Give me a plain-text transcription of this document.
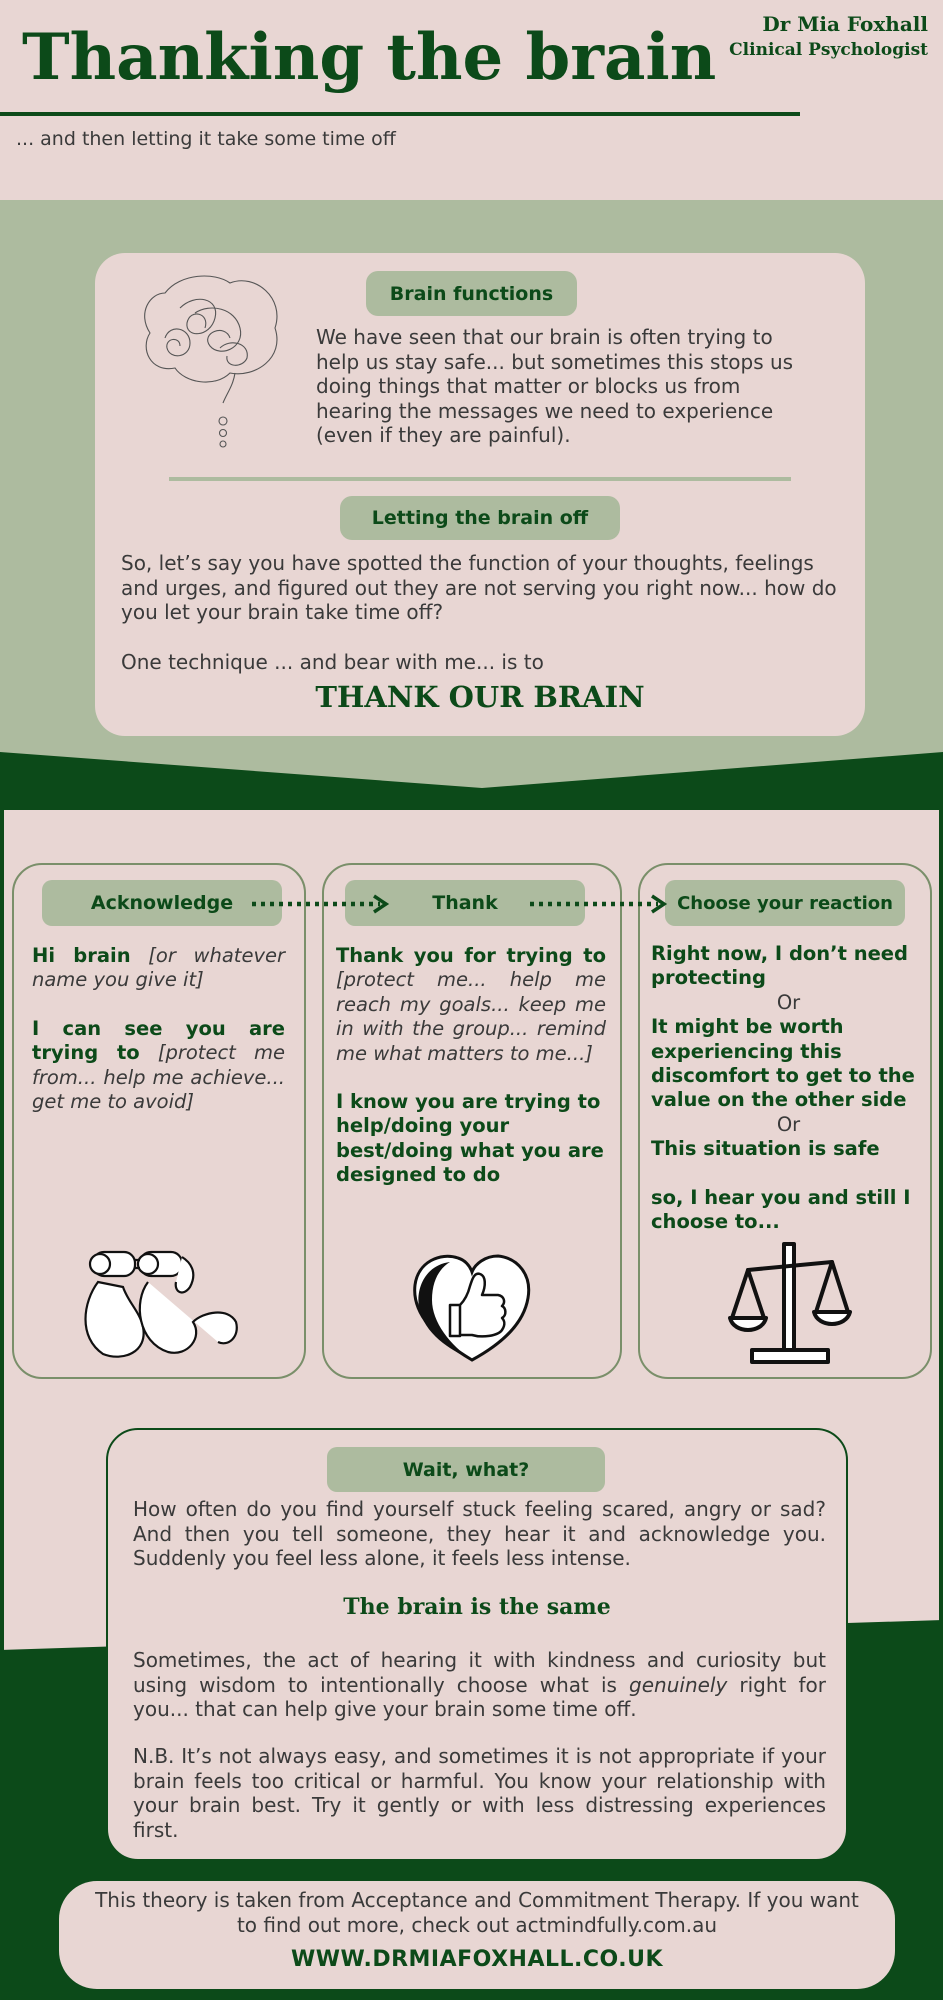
Thanking the brain
... and then letting it take some time off
Dr Mia Foxhall
Clinical Psychologist
Brain functions
We have seen that our brain is often trying to help us stay safe... but sometimes this stops us doing things that matter or blocks us from hearing the messages we need to experience (even if they are painful).
Letting the brain off
So, let’s say you have spotted the function of your thoughts, feelings and urges, and figured out they are not serving you right now... how do you let your brain take time off?
One technique ... and bear with me... is to
THANK OUR BRAIN
Acknowledge	Thank	Choose your reaction

Hi brain [or whatever name you give it]

I can see you are trying to [protect me from... help me achieve... get me to avoid]

Thank you for trying to [protect me... help me reach my goals... keep me in with the group... remind me what matters to me...]

I know you are trying to help/doing your best/doing what you are designed to do

Right now, I don’t need protecting

Or

It might be worth experiencing this discomfort to get to the value on the other side

Or

This situation is safe

so, I hear you and still I choose to...

Wait, what?
How often do you find yourself stuck feeling scared, angry or sad? And then you tell someone, they hear it and acknowledge you. Suddenly you feel less alone, it feels less intense.
The brain is the same
Sometimes, the act of hearing it with kindness and curiosity but using wisdom to intentionally choose what is genuinely right for you... that can help give your brain some time off.
N.B. It’s not always easy, and sometimes it is not appropriate if your brain feels too critical or harmful. You know your relationship with your brain best. Try it gently or with less distressing experiences first.
This theory is taken from Acceptance and Commitment Therapy. If you want to find out more, check out actmindfully.com.au
WWW.DRMIAFOXHALL.CO.UK
